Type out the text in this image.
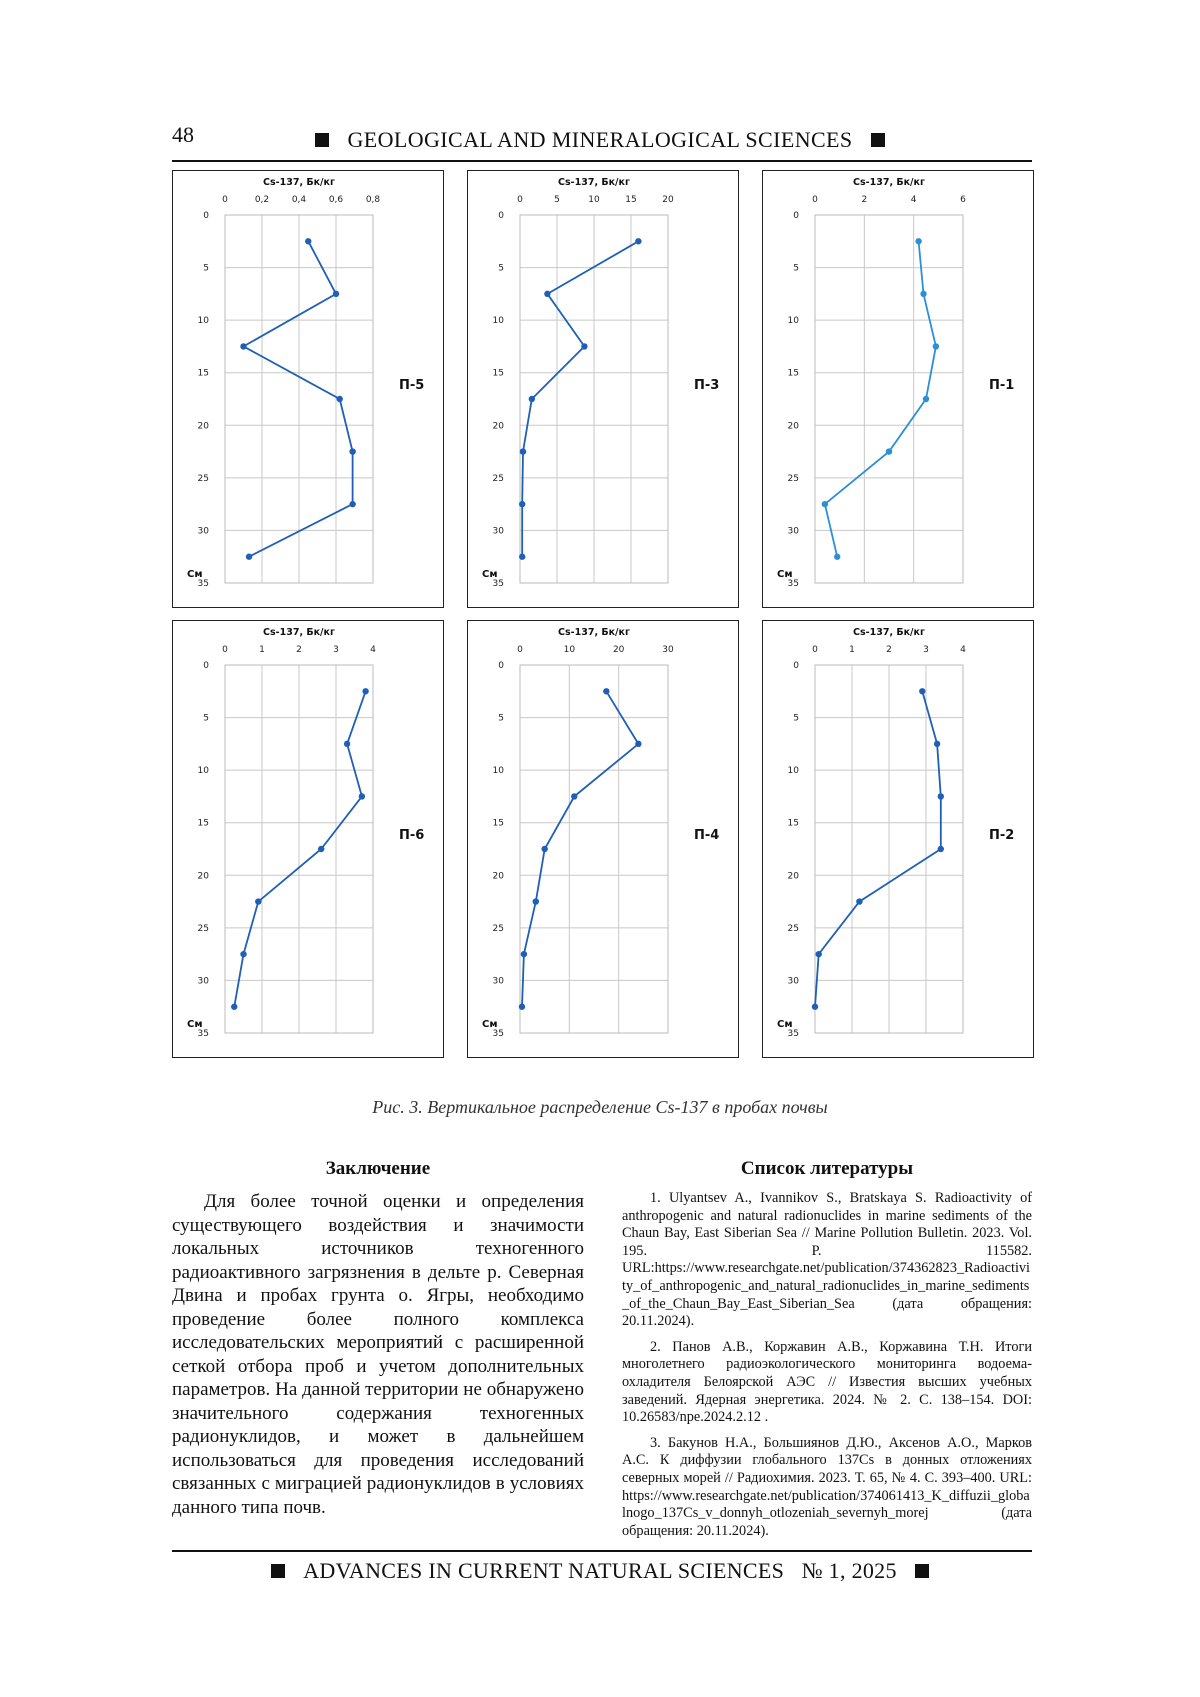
48	GEOLOGICAL AND MINERALOGICAL SCIENCES
Cs-137, Бк/кг
0	0,2	0,4	0,6	0,8
0
5
10
15
20
25
30
35
См
П-5
Cs-137, Бк/кг
0	5	10	15	20
0
5
10
15
20
25
30
35
См
П-3
Cs-137, Бк/кг
0	2	4	6
0
5
10
15
20
25
30
35
См
П-1
Cs-137, Бк/кг
0	1	2	3	4
0
5
10
15
20
25
30
35
См
П-6
Cs-137, Бк/кг
0	10	20	30
0
5
10
15
20
25
30
35
См
П-4
Cs-137, Бк/кг
0	1	2	3	4
0
5
10
15
20
25
30
35
См
П-2
Рис. 3. Вертикальное распределение Cs-137 в пробах почвы
Заключение
Для более точной оценки и определения существующего воздействия и значимости локальных источников техногенного радиоактивного загрязнения в дельте р. Северная Двина и пробах грунта о. Ягры, необходимо проведение более полного комплекса исследовательских мероприятий с расширенной сеткой отбора проб и учетом дополнительных параметров. На данной территории не обнаружено значительного содержания техногенных радионуклидов, и может в дальнейшем использоваться для проведения исследований связанных с миграцией радионуклидов в условиях данного типа почв.
Список литературы

1. Ulyantsev A., Ivannikov S., Bratskaya S. Radioactivity of anthropogenic and natural radionuclides in marine sediments of the Chaun Bay, East Siberian Sea // Marine Pollution Bulletin. 2023. Vol. 195. P. 115582. URL:https://www.researchgate.net/publication/374362823_Radioactivity_of_anthropogenic_and_natural_radionuclides_in_marine_sediments_of_the_Chaun_Bay_East_Siberian_Sea (дата обращения: 20.11.2024).

2. Панов А.В., Коржавин А.В., Коржавина Т.Н. Итоги многолетнего радиоэкологического мониторинга водоема-охладителя Белоярской АЭС // Известия высших учебных заведений. Ядерная энергетика. 2024. № 2. С. 138–154. DOI: 10.26583/npe.2024.2.12 .

3. Бакунов Н.А., Большиянов Д.Ю., Аксенов А.О., Марков А.С. К диффузии глобального 137Cs в донных отложениях северных морей // Радиохимия. 2023. Т. 65, № 4. С. 393–400. URL: https://www.researchgate.net/publication/374061413_K_diffuzii_globalnogo_137Cs_v_donnyh_otlozeniah_severnyh_morej (дата обращения: 20.11.2024).

ADVANCES IN CURRENT NATURAL SCIENCES № 1, 2025
